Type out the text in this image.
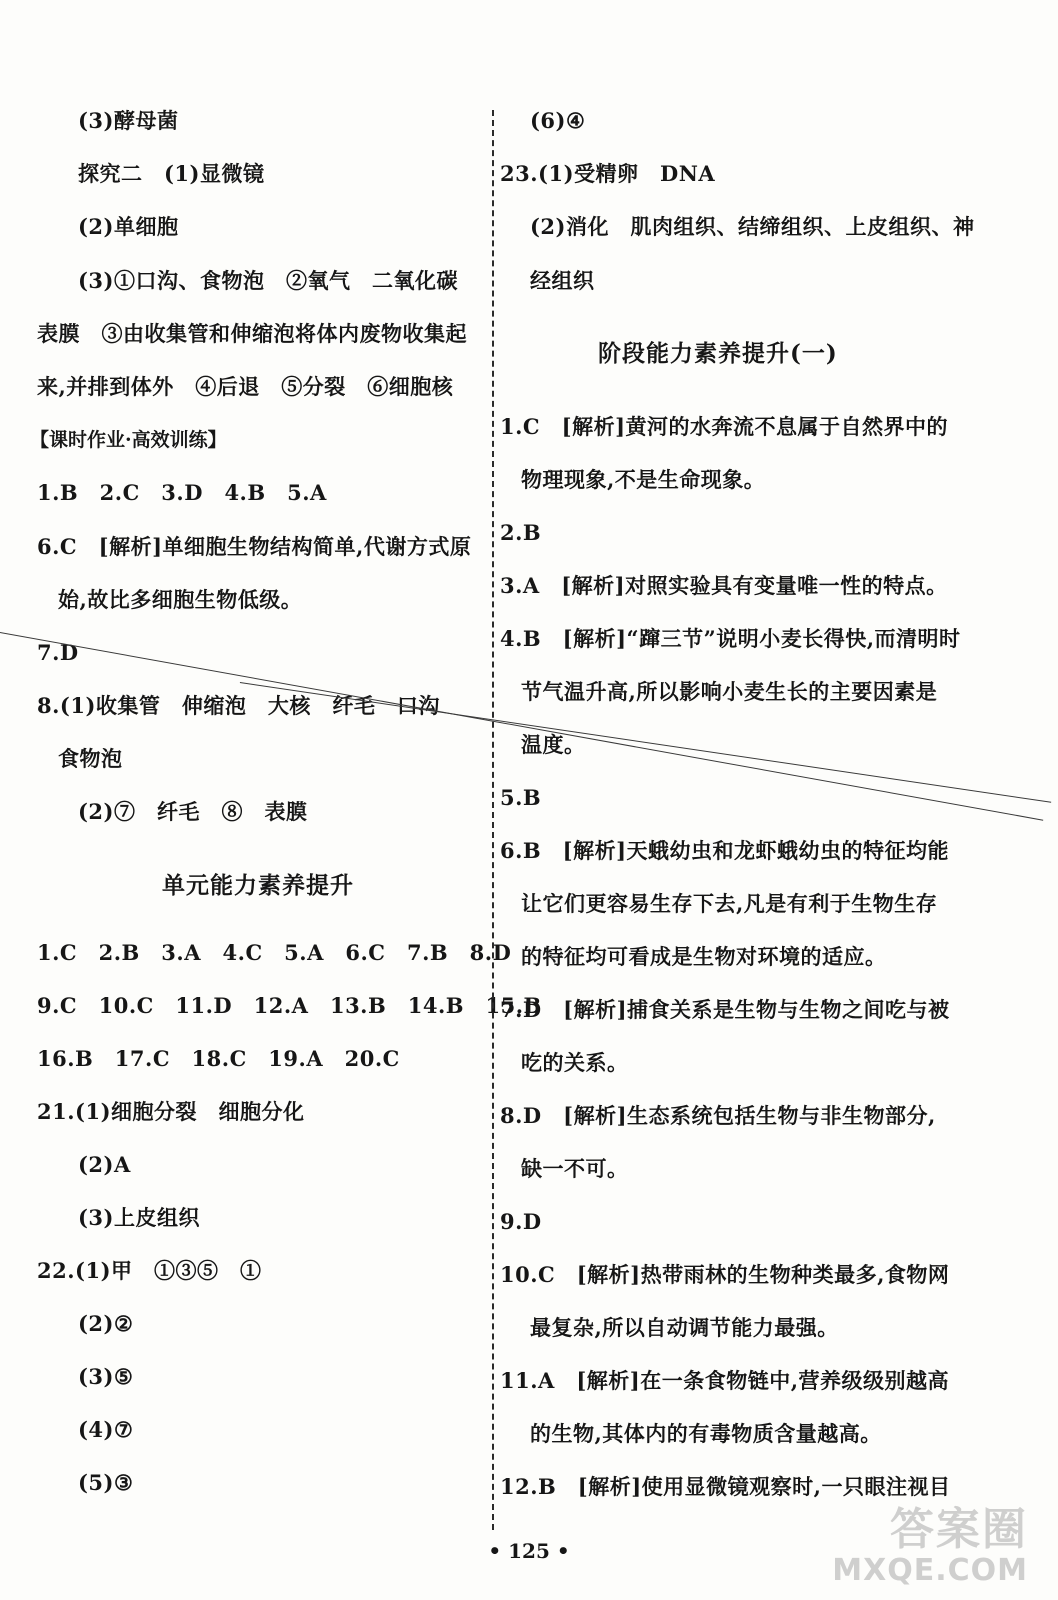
(3)酵母菌
探究二　(1)显微镜
(2)单细胞
(3)①口沟、食物泡　②氧气　二氧化碳
表膜　③由收集管和伸缩泡将体内废物收集起
来,并排到体外　④后退　⑤分裂　⑥细胞核
【课时作业·高效训练】
1.B　2.C　3.D　4.B　5.A
6.C　[解析]单细胞生物结构简单,代谢方式原
始,故比多细胞生物低级。
7.D
8.(1)收集管　伸缩泡　大核　纤毛　口沟
食物泡
(2)⑦　纤毛　⑧　表膜
单元能力素养提升
1.C　2.B　3.A　4.C　5.A　6.C　7.B　8.D
9.C　10.C　11.D　12.A　13.B　14.B　15.B
16.B　17.C　18.C　19.A　20.C
21.(1)细胞分裂　细胞分化
(2)A
(3)上皮组织
22.(1)甲　①③⑤　①
(2)②
(3)⑤
(4)⑦
(5)③
(6)④
23.(1)受精卵　DNA
(2)消化　肌肉组织、结缔组织、上皮组织、神
经组织
阶段能力素养提升(一)
1.C　[解析]黄河的水奔流不息属于自然界中的
物理现象,不是生命现象。
2.B
3.A　[解析]对照实验具有变量唯一性的特点。
4.B　[解析]“蹿三节”说明小麦长得快,而清明时
节气温升高,所以影响小麦生长的主要因素是
温度。
5.B
6.B　[解析]天蛾幼虫和龙虾蛾幼虫的特征均能
让它们更容易生存下去,凡是有利于生物生存
的特征均可看成是生物对环境的适应。
7.D　[解析]捕食关系是生物与生物之间吃与被
吃的关系。
8.D　[解析]生态系统包括生物与非生物部分,
缺一不可。
9.D
10.C　[解析]热带雨林的生物种类最多,食物网
最复杂,所以自动调节能力最强。
11.A　[解析]在一条食物链中,营养级级别越高
的生物,其体内的有毒物质含量越高。
12.B　[解析]使用显微镜观察时,一只眼注视目
• 125 •	答案圈
MXQE.COM
